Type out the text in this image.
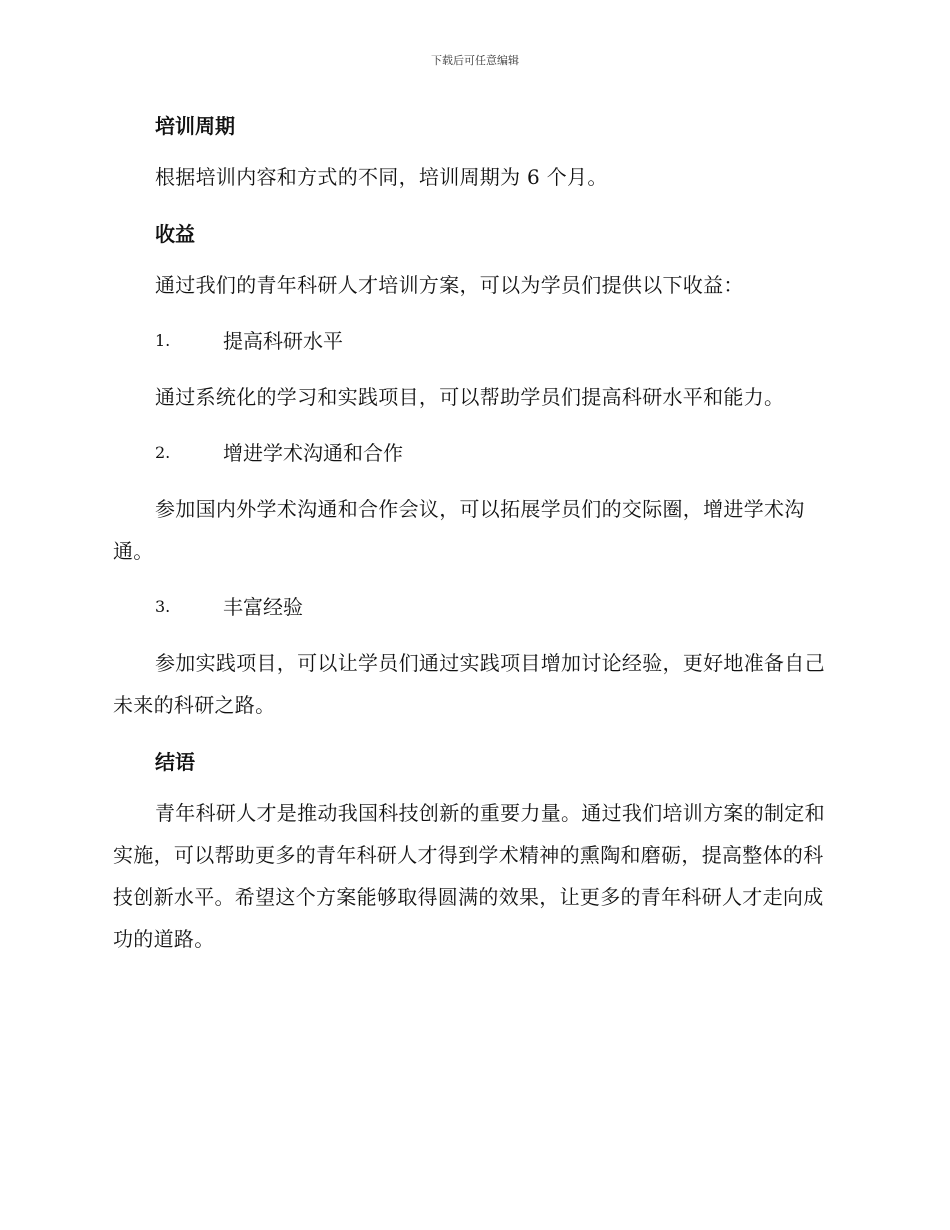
下载后可任意编辑
培训周期

根据培训内容和方式的不同，培训周期为 6 个月。

收益

通过我们的青年科研人才培训方案，可以为学员们提供以下收益：

1.	提高科研水平

通过系统化的学习和实践项目，可以帮助学员们提高科研水平和能力。

2.	增进学术沟通和合作

参加国内外学术沟通和合作会议，可以拓展学员们的交际圈，增进学术沟通。

3.	丰富经验

参加实践项目，可以让学员们通过实践项目增加讨论经验，更好地准备自己未来的科研之路。

结语

青年科研人才是推动我国科技创新的重要力量。通过我们培训方案的制定和实施，可以帮助更多的青年科研人才得到学术精神的熏陶和磨砺，提高整体的科技创新水平。希望这个方案能够取得圆满的效果，让更多的青年科研人才走向成功的道路。
